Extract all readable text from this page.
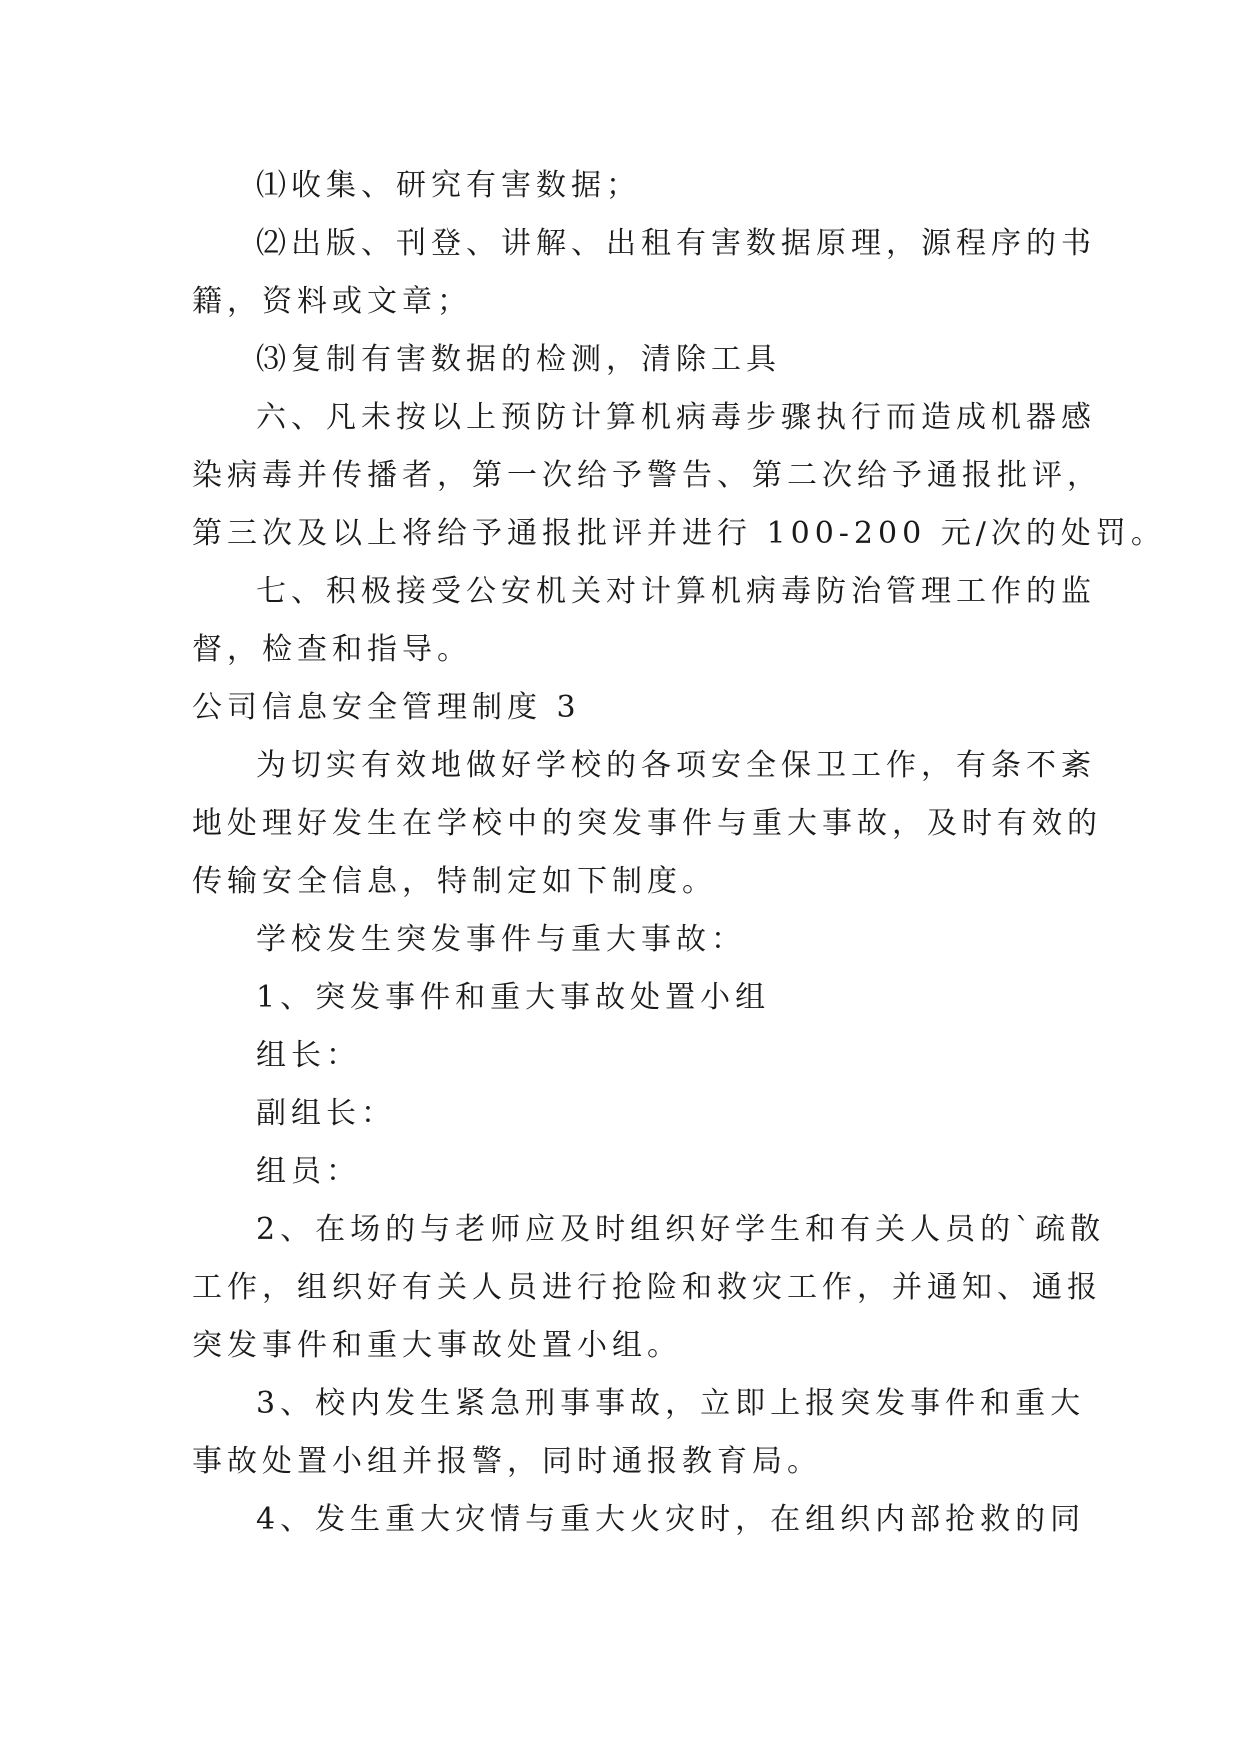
⑴收集、研究有害数据；
⑵出版、刊登、讲解、出租有害数据原理，源程序的书
籍，资料或文章；
⑶复制有害数据的检测，清除工具
六、凡未按以上预防计算机病毒步骤执行而造成机器感
染病毒并传播者，第一次给予警告、第二次给予通报批评，
第三次及以上将给予通报批评并进行 100-200 元/次的处罚。
七、积极接受公安机关对计算机病毒防治管理工作的监
督，检查和指导。
公司信息安全管理制度 3
为切实有效地做好学校的各项安全保卫工作，有条不紊
地处理好发生在学校中的突发事件与重大事故，及时有效的
传输安全信息，特制定如下制度。
学校发生突发事件与重大事故：
1、突发事件和重大事故处置小组
组长：
副组长：
组员：
2、在场的与老师应及时组织好学生和有关人员的`疏散
工作，组织好有关人员进行抢险和救灾工作，并通知、通报
突发事件和重大事故处置小组。
3、校内发生紧急刑事事故，立即上报突发事件和重大
事故处置小组并报警，同时通报教育局。
4、发生重大灾情与重大火灾时，在组织内部抢救的同
